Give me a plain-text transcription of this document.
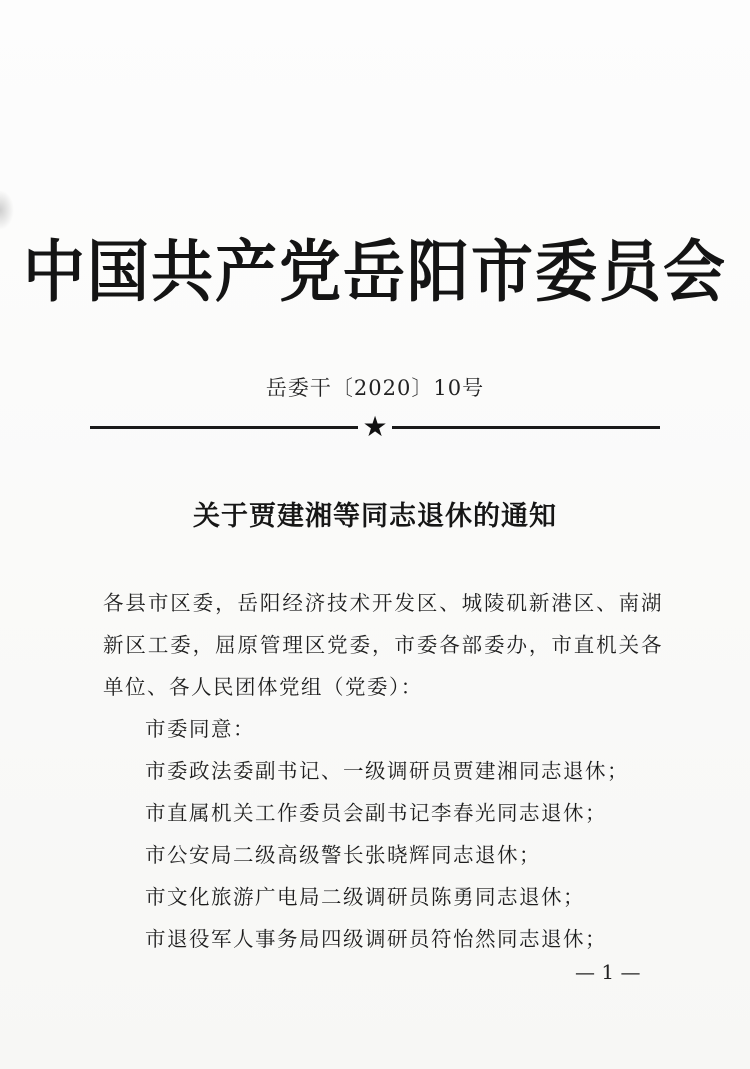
中国共产党岳阳市委员会
岳委干〔2020〕10号
★
关于贾建湘等同志退休的通知

各县市区委，岳阳经济技术开发区、城陵矶新港区、南湖新区工委，屈原管理区党委，市委各部委办，市直机关各单位、各人民团体党组（党委）：

市委同意：

市委政法委副书记、一级调研员贾建湘同志退休；

市直属机关工作委员会副书记李春光同志退休；

市公安局二级高级警长张晓辉同志退休；

市文化旅游广电局二级调研员陈勇同志退休；

市退役军人事务局四级调研员符怡然同志退休；

— 1 —
